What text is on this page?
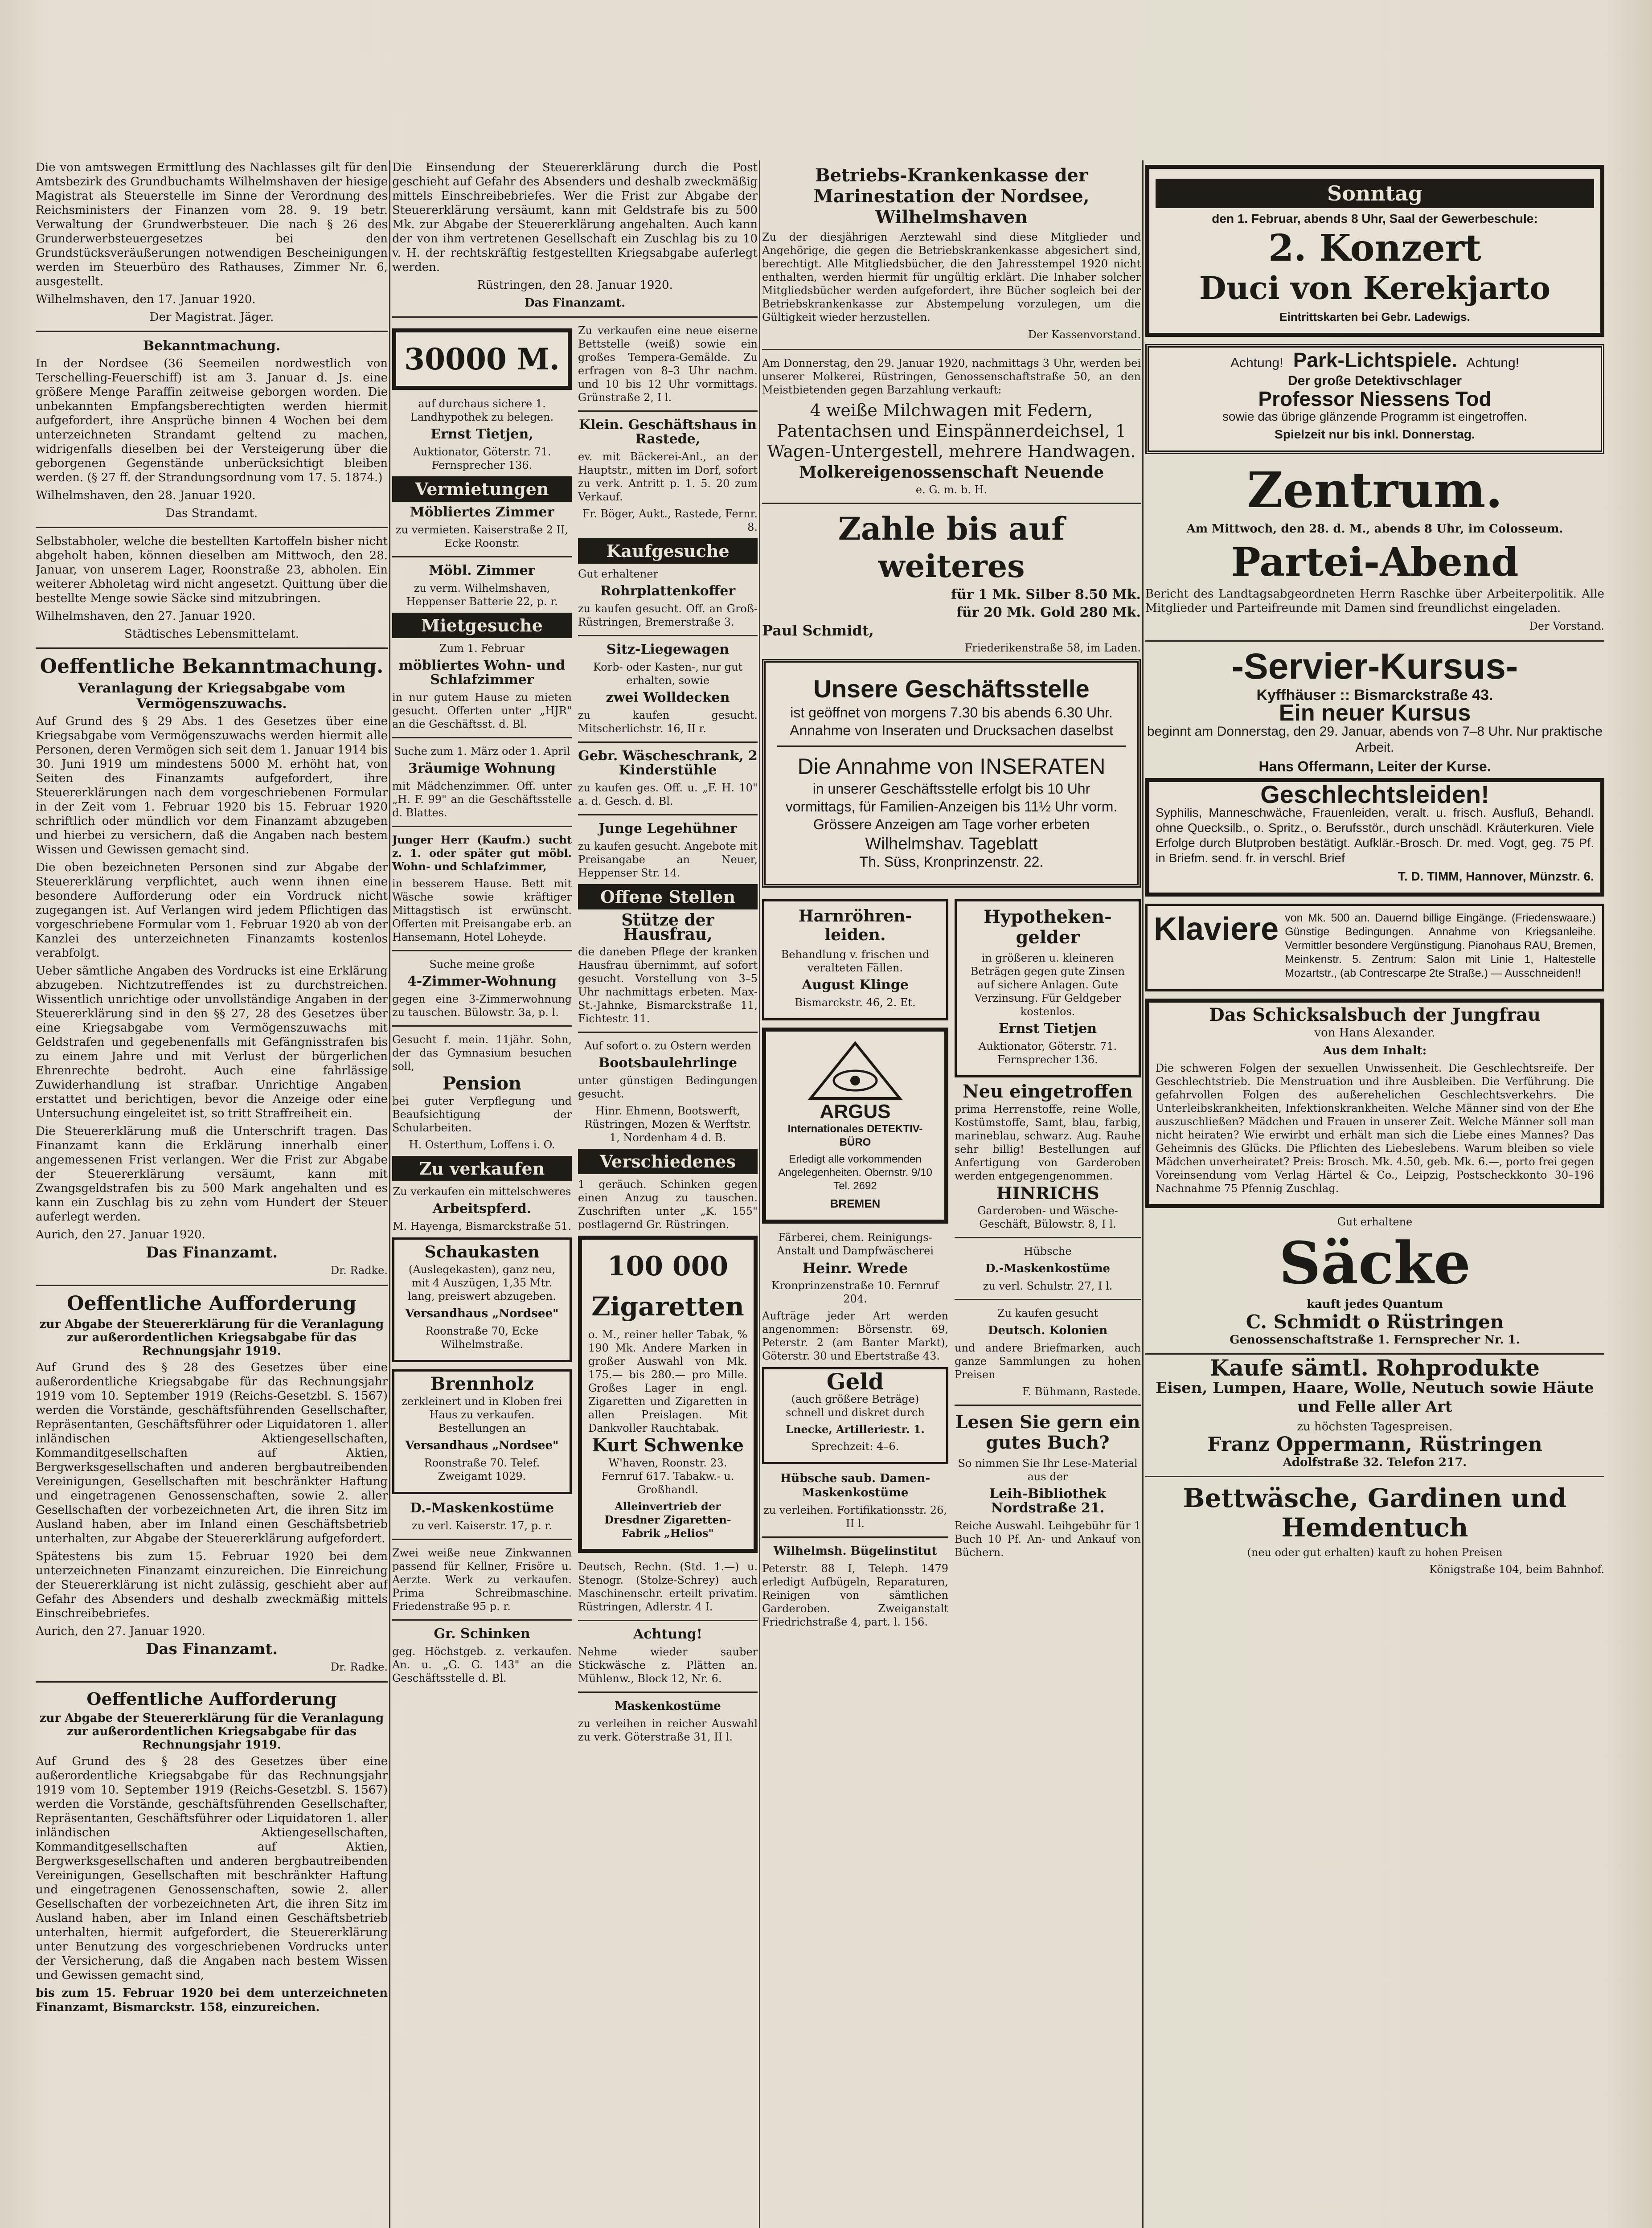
Die von amtswegen Ermittlung des Nachlasses gilt für den Amtsbezirk des Grundbuchamts Wilhelmshaven der hiesige Magistrat als Steuerstelle im Sinne der Verordnung des Reichsministers der Finanzen vom 28. 9. 19 betr. Verwaltung der Grundwerbsteuer. Die nach § 26 des Grunderwerbsteuergesetzes bei den Grundstücksveräußerungen notwendigen Bescheinigungen werden im Steuerbüro des Rathauses, Zimmer Nr. 6, ausgestellt.

Wilhelmshaven, den 17. Januar 1920.

Der Magistrat. Jäger.

Bekanntmachung.

In der Nordsee (36 Seemeilen nordwestlich von Terschelling-Feuerschiff) ist am 3. Januar d. Js. eine größere Menge Paraffin zeitweise geborgen worden. Die unbekannten Empfangsberechtigten werden hiermit aufgefordert, ihre Ansprüche binnen 4 Wochen bei dem unterzeichneten Strandamt geltend zu machen, widrigenfalls dieselben bei der Versteigerung über die geborgenen Gegenstände unberücksichtigt bleiben werden. (§ 27 ff. der Strandungsordnung vom 17. 5. 1874.)

Wilhelmshaven, den 28. Januar 1920.

Das Strandamt.

Selbstabholer, welche die bestellten Kartoffeln bisher nicht abgeholt haben, können dieselben am Mittwoch, den 28. Januar, von unserem Lager, Roonstraße 23, abholen. Ein weiterer Abholetag wird nicht angesetzt. Quittung über die bestellte Menge sowie Säcke sind mitzubringen.

Wilhelmshaven, den 27. Januar 1920.

Städtisches Lebensmittelamt.

Oeffentliche Bekanntmachung.
Veranlagung der Kriegsabgabe vom Vermögenszuwachs.

Auf Grund des § 29 Abs. 1 des Gesetzes über eine Kriegsabgabe vom Vermögenszuwachs werden hiermit alle Personen, deren Vermögen sich seit dem 1. Januar 1914 bis 30. Juni 1919 um mindestens 5000 M. erhöht hat, von Seiten des Finanzamts aufgefordert, ihre Steuererklärungen nach dem vorgeschriebenen Formular in der Zeit vom 1. Februar 1920 bis 15. Februar 1920 schriftlich oder mündlich vor dem Finanzamt abzugeben und hierbei zu versichern, daß die Angaben nach bestem Wissen und Gewissen gemacht sind.

Die oben bezeichneten Personen sind zur Abgabe der Steuererklärung verpflichtet, auch wenn ihnen eine besondere Aufforderung oder ein Vordruck nicht zugegangen ist. Auf Verlangen wird jedem Pflichtigen das vorgeschriebene Formular vom 1. Februar 1920 ab von der Kanzlei des unterzeichneten Finanzamts kostenlos verabfolgt.

Ueber sämtliche Angaben des Vordrucks ist eine Erklärung abzugeben. Nichtzutreffendes ist zu durchstreichen. Wissentlich unrichtige oder unvollständige Angaben in der Steuererklärung sind in den §§ 27, 28 des Gesetzes über eine Kriegsabgabe vom Vermögenszuwachs mit Geldstrafen und gegebenenfalls mit Gefängnisstrafen bis zu einem Jahre und mit Verlust der bürgerlichen Ehrenrechte bedroht. Auch eine fahrlässige Zuwiderhandlung ist strafbar. Unrichtige Angaben erstattet und berichtigen, bevor die Anzeige oder eine Untersuchung eingeleitet ist, so tritt Straffreiheit ein.

Die Steuererklärung muß die Unterschrift tragen. Das Finanzamt kann die Erklärung innerhalb einer angemessenen Frist verlangen. Wer die Frist zur Abgabe der Steuererklärung versäumt, kann mit Zwangsgeldstrafen bis zu 500 Mark angehalten und es kann ein Zuschlag bis zu zehn vom Hundert der Steuer auferlegt werden.

Aurich, den 27. Januar 1920.

Das Finanzamt.

Dr. Radke.

Oeffentliche Aufforderung
zur Abgabe der Steuererklärung für die Veranlagung zur außerordentlichen Kriegsabgabe für das Rechnungsjahr 1919.

Auf Grund des § 28 des Gesetzes über eine außerordentliche Kriegsabgabe für das Rechnungsjahr 1919 vom 10. September 1919 (Reichs-Gesetzbl. S. 1567) werden die Vorstände, geschäftsführenden Gesellschafter, Repräsentanten, Geschäftsführer oder Liquidatoren 1. aller inländischen Aktiengesellschaften, Kommanditgesellschaften auf Aktien, Bergwerksgesellschaften und anderen bergbautreibenden Vereinigungen, Gesellschaften mit beschränkter Haftung und eingetragenen Genossenschaften, sowie 2. aller Gesellschaften der vorbezeichneten Art, die ihren Sitz im Ausland haben, aber im Inland einen Geschäftsbetrieb unterhalten, zur Abgabe der Steuererklärung aufgefordert.

Spätestens bis zum 15. Februar 1920 bei dem unterzeichneten Finanzamt einzureichen. Die Einreichung der Steuererklärung ist nicht zulässig, geschieht aber auf Gefahr des Absenders und deshalb zweckmäßig mittels Einschreibebriefes.

Aurich, den 27. Januar 1920.

Das Finanzamt.

Dr. Radke.

Oeffentliche Aufforderung
zur Abgabe der Steuererklärung für die Veranlagung zur außerordentlichen Kriegsabgabe für das Rechnungsjahr 1919.

Auf Grund des § 28 des Gesetzes über eine außerordentliche Kriegsabgabe für das Rechnungsjahr 1919 vom 10. September 1919 (Reichs-Gesetzbl. S. 1567) werden die Vorstände, geschäftsführenden Gesellschafter, Repräsentanten, Geschäftsführer oder Liquidatoren 1. aller inländischen Aktiengesellschaften, Kommanditgesellschaften auf Aktien, Bergwerksgesellschaften und anderen bergbautreibenden Vereinigungen, Gesellschaften mit beschränkter Haftung und eingetragenen Genossenschaften, sowie 2. aller Gesellschaften der vorbezeichneten Art, die ihren Sitz im Ausland haben, aber im Inland einen Geschäftsbetrieb unterhalten, hiermit aufgefordert, die Steuererklärung unter Benutzung des vorgeschriebenen Vordrucks unter der Versicherung, daß die Angaben nach bestem Wissen und Gewissen gemacht sind,

bis zum 15. Februar 1920 bei dem unterzeichneten Finanzamt, Bismarckstr. 158, einzureichen.

Die Einsendung der Steuererklärung durch die Post geschieht auf Gefahr des Absenders und deshalb zweckmäßig mittels Einschreibebriefes. Wer die Frist zur Abgabe der Steuererklärung versäumt, kann mit Geldstrafe bis zu 500 Mk. zur Abgabe der Steuererklärung angehalten. Auch kann der von ihm vertretenen Gesellschaft ein Zuschlag bis zu 10 v. H. der rechtskräftig festgestellten Kriegsabgabe auferlegt werden.

Rüstringen, den 28. Januar 1920.

Das Finanzamt.

30000 M.

auf durchaus sichere 1. Landhypothek zu belegen.

Ernst Tietjen,

Auktionator, Göterstr. 71. Fernsprecher 136.

Vermietungen

Möbliertes Zimmer

zu vermieten. Kaiserstraße 2 II, Ecke Roonstr.

Möbl. Zimmer

zu verm. Wilhelmshaven, Heppenser Batterie 22, p. r.

Mietgesuche

Zum 1. Februar

möbliertes Wohn- und Schlafzimmer

in nur gutem Hause zu mieten gesucht. Offerten unter „HJR" an die Geschäftsst. d. Bl.

Suche zum 1. März oder 1. April

3räumige Wohnung

mit Mädchenzimmer. Off. unter „H. F. 99" an die Geschäftsstelle d. Blattes.

Junger Herr (Kaufm.) sucht z. 1. oder später gut möbl. Wohn- und Schlafzimmer,

in besserem Hause. Bett mit Wäsche sowie kräftiger Mittagstisch ist erwünscht. Offerten mit Preisangabe erb. an Hansemann, Hotel Loheyde.

Suche meine große

4-Zimmer-Wohnung

gegen eine 3-Zimmerwohnung zu tauschen. Bülowstr. 3a, p. l.

Gesucht f. mein. 11jähr. Sohn, der das Gymnasium besuchen soll,

Pension

bei guter Verpflegung und Beaufsichtigung der Schularbeiten.

H. Osterthum, Loffens i. O.

Zu verkaufen

Zu verkaufen ein mittelschweres

Arbeitspferd.

M. Hayenga, Bismarckstraße 51.

Schaukasten

(Auslegekasten), ganz neu, mit 4 Auszügen, 1,35 Mtr. lang, preiswert abzugeben.

Versandhaus „Nordsee"

Roonstraße 70, Ecke Wilhelmstraße.

Brennholz

zerkleinert und in Kloben frei Haus zu verkaufen. Bestellungen an

Versandhaus „Nordsee"

Roonstraße 70. Telef. Zweigamt 1029.

D.-Maskenkostüme

zu verl. Kaiserstr. 17, p. r.

Zwei weiße neue Zinkwannen passend für Kellner, Frisöre u. Aerzte. Werk zu verkaufen. Prima Schreibmaschine. Friedenstraße 95 p. r.

Gr. Schinken

geg. Höchstgeb. z. verkaufen. An. u. „G. G. 143" an die Geschäftsstelle d. Bl.

Zu verkaufen eine neue eiserne Bettstelle (weiß) sowie ein großes Tempera-Gemälde. Zu erfragen von 8–3 Uhr nachm. und 10 bis 12 Uhr vormittags. Grünstraße 2, I l.

Klein. Geschäftshaus in Rastede,

ev. mit Bäckerei-Anl., an der Hauptstr., mitten im Dorf, sofort zu verk. Antritt p. 1. 5. 20 zum Verkauf.

Fr. Böger, Aukt., Rastede, Fernr. 8.

Kaufgesuche

Gut erhaltener

Rohrplattenkoffer

zu kaufen gesucht. Off. an Groß-Rüstringen, Bremerstraße 3.

Sitz-Liegewagen

Korb- oder Kasten-, nur gut erhalten, sowie

zwei Wolldecken

zu kaufen gesucht. Mitscherlichstr. 16, II r.

Gebr. Wäscheschrank, 2 Kinderstühle

zu kaufen ges. Off. u. „F. H. 10" a. d. Gesch. d. Bl.

Junge Legehühner

zu kaufen gesucht. Angebote mit Preisangabe an Neuer, Heppenser Str. 14.

Offene Stellen

Stütze der Hausfrau,

die daneben Pflege der kranken Hausfrau übernimmt, auf sofort gesucht. Vorstellung von 3–5 Uhr nachmittags erbeten. Max-St.-Jahnke, Bismarckstraße 11, Fichtestr. 11.

Auf sofort o. zu Ostern werden

Bootsbaulehrlinge

unter günstigen Bedingungen gesucht.

Hinr. Ehmenn, Bootswerft, Rüstringen, Mozen & Werftstr. 1, Nordenham 4 d. B.

Verschiedenes

1 geräuch. Schinken gegen einen Anzug zu tauschen. Zuschriften unter „K. 155" postlagernd Gr. Rüstringen.

100 000
Zigaretten

o. M., reiner heller Tabak, % 190 Mk. Andere Marken in großer Auswahl von Mk. 175.— bis 280.— pro Mille. Großes Lager in engl. Zigaretten und Zigaretten in allen Preislagen. Mit Dankvoller Rauchtabak.

Kurt Schwenke

W'haven, Roonstr. 23. Fernruf 617. Tabakw.- u. Großhandl.

Alleinvertrieb der Dresdner Zigaretten-Fabrik „Helios"

Deutsch, Rechn. (Std. 1.—) u. Stenogr. (Stolze-Schrey) auch Maschinenschr. erteilt privatim. Rüstringen, Adlerstr. 4 I.

Achtung!

Nehme wieder sauber Stickwäsche z. Plätten an. Mühlenw., Block 12, Nr. 6.

Maskenkostüme

zu verleihen in reicher Auswahl zu verk. Göterstraße 31, II l.

Betriebs-Krankenkasse der Marinestation der Nordsee, Wilhelmshaven

Zu der diesjährigen Aerztewahl sind diese Mitglieder und Angehörige, die gegen die Betriebskrankenkasse abgesichert sind, berechtigt. Alle Mitgliedsbücher, die den Jahresstempel 1920 nicht enthalten, werden hiermit für ungültig erklärt. Die Inhaber solcher Mitgliedsbücher werden aufgefordert, ihre Bücher sogleich bei der Betriebskrankenkasse zur Abstempelung vorzulegen, um die Gültigkeit wieder herzustellen.

Der Kassenvorstand.

Am Donnerstag, den 29. Januar 1920, nachmittags 3 Uhr, werden bei unserer Molkerei, Rüstringen, Genossenschaftstraße 50, an den Meistbietenden gegen Barzahlung verkauft:

4 weiße Milchwagen mit Federn, Patentachsen und Einspännerdeichsel, 1 Wagen-Untergestell, mehrere Handwagen.

Molkereigenossenschaft Neuende

e. G. m. b. H.

Zahle bis auf weiteres

für 1 Mk. Silber 8.50 Mk.

für 20 Mk. Gold 280 Mk.

Paul Schmidt,

Friederikenstraße 58, im Laden.

Unsere Geschäftsstelle

ist geöffnet von morgens 7.30 bis abends 6.30 Uhr. Annahme von Inseraten und Drucksachen daselbst

Die Annahme von INSERATEN

in unserer Geschäftsstelle erfolgt bis 10 Uhr vormittags, für Familien-Anzeigen bis 11½ Uhr vorm. Grössere Anzeigen am Tage vorher erbeten

Wilhelmshav. Tageblatt

Th. Süss, Kronprinzenstr. 22.

Harnröhren-leiden.

Behandlung v. frischen und veralteten Fällen.

August Klinge

Bismarckstr. 46, 2. Et.

ARGUS

Internationales DETEKTIV-BÜRO

Erledigt alle vorkommenden Angelegenheiten. Obernstr. 9/10 Tel. 2692

BREMEN

Färberei, chem. Reinigungs-Anstalt und Dampfwäscherei

Heinr. Wrede

Kronprinzenstraße 10. Fernruf 204.

Aufträge jeder Art werden angenommen: Börsenstr. 69, Peterstr. 2 (am Banter Markt), Göterstr. 30 und Ebertstraße 43.

Geld

(auch größere Beträge) schnell und diskret durch

Lnecke, Artilleriestr. 1.

Sprechzeit: 4–6.

Hübsche saub. Damen-Maskenkostüme

zu verleihen. Fortifikationsstr. 26, II l.

Wilhelmsh. Bügelinstitut

Peterstr. 88 I, Teleph. 1479 erledigt Aufbügeln, Reparaturen, Reinigen von sämtlichen Garderoben. Zweiganstalt Friedrichstraße 4, part. l. 156.

Hypotheken-gelder

in größeren u. kleineren Beträgen gegen gute Zinsen auf sichere Anlagen. Gute Verzinsung. Für Geldgeber kostenlos.

Ernst Tietjen

Auktionator, Göterstr. 71. Fernsprecher 136.

Neu eingetroffen

prima Herrenstoffe, reine Wolle, Kostümstoffe, Samt, blau, farbig, marineblau, schwarz. Aug. Rauhe sehr billig! Bestellungen auf Anfertigung von Garderoben werden entgegengenommen.

HINRICHS

Garderoben- und Wäsche-Geschäft, Bülowstr. 8, I l.

Hübsche

D.-Maskenkostüme

zu verl. Schulstr. 27, I l.

Zu kaufen gesucht

Deutsch. Kolonien

und andere Briefmarken, auch ganze Sammlungen zu hohen Preisen

F. Bühmann, Rastede.

Lesen Sie gern ein gutes Buch?

So nimmen Sie Ihr Lese-Material aus der

Leih-Bibliothek Nordstraße 21.

Reiche Auswahl. Leihgebühr für 1 Buch 10 Pf. An- und Ankauf von Büchern.

Sonntag

den 1. Februar, abends 8 Uhr, Saal der Gewerbeschule:

2. Konzert
Duci von Kerekjarto

Eintrittskarten bei Gebr. Ladewigs.

Achtung! Park-Lichtspiele. Achtung!

Der große Detektivschlager

Professor Niessens Tod

sowie das übrige glänzende Programm ist eingetroffen.

Spielzeit nur bis inkl. Donnerstag.

Zentrum.

Am Mittwoch, den 28. d. M., abends 8 Uhr, im Colosseum.

Partei-Abend

Bericht des Landtagsabgeordneten Herrn Raschke über Arbeiterpolitik. Alle Mitglieder und Parteifreunde mit Damen sind freundlichst eingeladen.

Der Vorstand.

-Servier-Kursus-

Kyffhäuser :: Bismarckstraße 43.

Ein neuer Kursus

beginnt am Donnerstag, den 29. Januar, abends von 7–8 Uhr. Nur praktische Arbeit.

Hans Offermann, Leiter der Kurse.

Geschlechtsleiden!

Syphilis, Manneschwäche, Frauenleiden, veralt. u. frisch. Ausfluß, Behandl. ohne Quecksilb., o. Spritz., o. Berufsstör., durch unschädl. Kräuterkuren. Viele Erfolge durch Blutproben bestätigt. Aufklär.-Brosch. Dr. med. Vogt, geg. 75 Pf. in Briefm. send. fr. in verschl. Brief

T. D. TIMM, Hannover, Münzstr. 6.

Klaviere von Mk. 500 an. Dauernd billige Eingänge. (Friedenswaare.) Günstige Bedingungen. Annahme von Kriegsanleihe. Vermittler besondere Vergünstigung. Pianohaus RAU, Bremen, Meinkenstr. 5. Zentrum: Salon mit Linie 1, Haltestelle Mozartstr., (ab Contrescarpe 2te Straße.) — Ausschneiden!!

Das Schicksalsbuch der Jungfrau

von Hans Alexander.

Aus dem Inhalt:

Die schweren Folgen der sexuellen Unwissenheit. Die Geschlechtsreife. Der Geschlechtstrieb. Die Menstruation und ihre Ausbleiben. Die Verführung. Die gefahrvollen Folgen des außerehelichen Geschlechtsverkehrs. Die Unterleibskrankheiten, Infektionskrankheiten. Welche Männer sind von der Ehe auszuschließen? Mädchen und Frauen in unserer Zeit. Welche Männer soll man nicht heiraten? Wie erwirbt und erhält man sich die Liebe eines Mannes? Das Geheimnis des Glücks. Die Pflichten des Liebeslebens. Warum bleiben so viele Mädchen unverheiratet? Preis: Brosch. Mk. 4.50, geb. Mk. 6.—, porto frei gegen Voreinsendung vom Verlag Härtel & Co., Leipzig, Postscheckkonto 30–196 Nachnahme 75 Pfennig Zuschlag.

Gut erhaltene

Säcke

kauft jedes Quantum

C. Schmidt o Rüstringen

Genossenschaftstraße 1. Fernsprecher Nr. 1.

Kaufe sämtl. Rohprodukte

Eisen, Lumpen, Haare, Wolle, Neutuch sowie Häute und Felle aller Art

zu höchsten Tagespreisen.

Franz Oppermann, Rüstringen

Adolfstraße 32. Telefon 217.

Bettwäsche, Gardinen und Hemdentuch

(neu oder gut erhalten) kauft zu hohen Preisen

Königstraße 104, beim Bahnhof.
